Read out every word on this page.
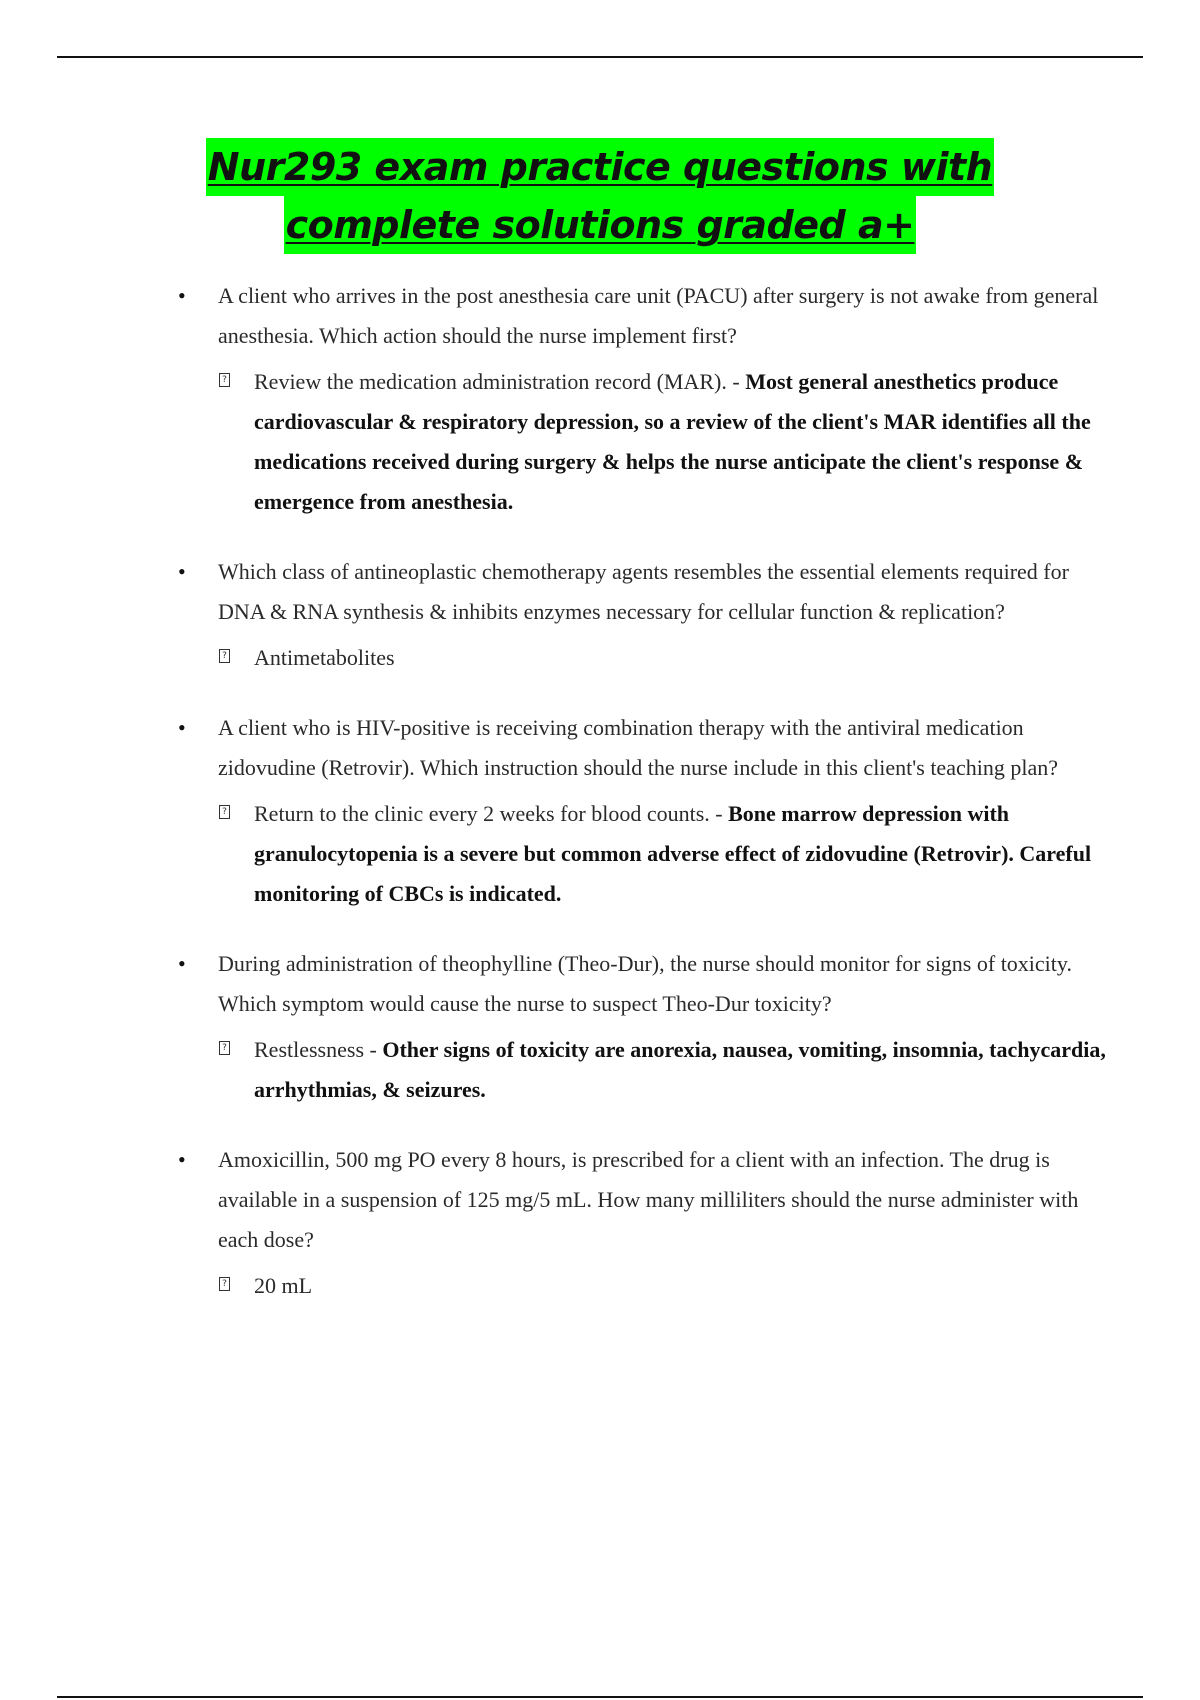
Nur293 exam practice questions with
complete solutions graded a+
• A client who arrives in the post anesthesia care unit (PACU) after surgery is not awake from general anesthesia. Which action should the nurse implement first?
? Review the medication administration record (MAR). - Most general anesthetics produce cardiovascular & respiratory depression, so a review of the client's MAR identifies all the medications received during surgery & helps the nurse anticipate the client's response & emergence from anesthesia.
• Which class of antineoplastic chemotherapy agents resembles the essential elements required for DNA & RNA synthesis & inhibits enzymes necessary for cellular function & replication?
? Antimetabolites
• A client who is HIV-positive is receiving combination therapy with the antiviral medication zidovudine (Retrovir). Which instruction should the nurse include in this client's teaching plan?
? Return to the clinic every 2 weeks for blood counts. - Bone marrow depression with granulocytopenia is a severe but common adverse effect of zidovudine (Retrovir). Careful monitoring of CBCs is indicated.
• During administration of theophylline (Theo-Dur), the nurse should monitor for signs of toxicity. Which symptom would cause the nurse to suspect Theo-Dur toxicity?
? Restlessness - Other signs of toxicity are anorexia, nausea, vomiting, insomnia, tachycardia, arrhythmias, & seizures.
• Amoxicillin, 500 mg PO every 8 hours, is prescribed for a client with an infection. The drug is available in a suspension of 125 mg/5 mL. How many milliliters should the nurse administer with each dose?
? 20 mL
